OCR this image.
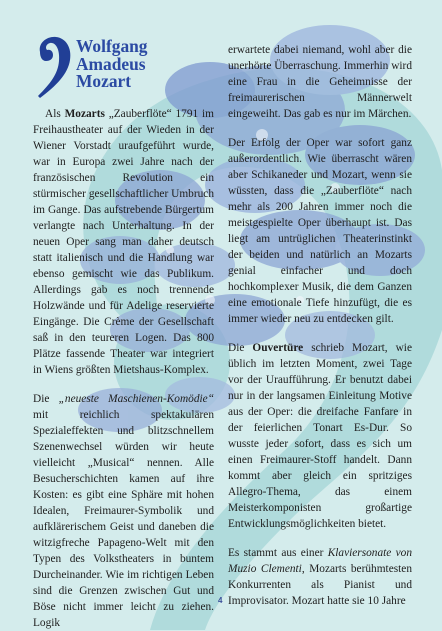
Wolfgang
Amadeus
Mozart

Als Mozarts „Zauberflöte“ 1791 im Freihaustheater auf der Wieden in der Wiener Vorstadt uraufgeführt wurde, war in Europa zwei Jahre nach der französischen Revolution ein stürmischer gesellschaftlicher Umbruch im Gange. Das aufstrebende Bürgertum verlangte nach Unterhaltung. In der neuen Oper sang man daher deutsch statt italienisch und die Handlung war ebenso gemischt wie das Publikum. Allerdings gab es noch trennende Holzwände und für Adelige reservierte Eingänge. Die Crème der Gesellschaft saß in den teureren Logen. Das 800 Plätze fassende Theater war integriert in Wiens größten Mietshaus-Komplex.

Die „neueste Maschienen-Komödie“ mit reichlich spektakulären Spezialeffekten und blitzschnellem Szenenwechsel würden wir heute vielleicht „Musical“ nennen. Alle Besucherschichten kamen auf ihre Kosten: es gibt eine Sphäre mit hohen Idealen, Freimaurer-Symbolik und aufklärerischem Geist und daneben die witzigfreche Papageno-Welt mit den Typen des Volkstheaters in buntem Durcheinander. Wie im richtigen Leben sind die Grenzen zwischen Gut und Böse nicht immer leicht zu ziehen. Logik

erwartete dabei niemand, wohl aber die unerhörte Überraschung. Immerhin wird eine Frau in die Geheimnisse der freimaurerischen Männerwelt eingeweiht. Das gab es nur im Märchen.

Der Erfolg der Oper war sofort ganz außerordentlich. Wie überrascht wären aber Schikaneder und Mozart, wenn sie wüssten, dass die „Zauberflöte“ nach mehr als 200 Jahren immer noch die meistgespielte Oper überhaupt ist. Das liegt am untrüglichen Theaterinstinkt der beiden und natürlich an Mozarts genial einfacher und doch hochkomplexer Musik, die dem Ganzen eine emotionale Tiefe hinzufügt, die es immer wieder neu zu entdecken gilt.

Die Ouvertüre schrieb Mozart, wie üblich im letzten Moment, zwei Tage vor der Uraufführung. Er benutzt dabei nur in der langsamen Einleitung Motive aus der Oper: die dreifache Fanfare in der feierlichen Tonart Es-Dur. So wusste jeder sofort, dass es sich um einen Freimaurer-Stoff handelt. Dann kommt aber gleich ein spritziges Allegro-Thema, das einem Meisterkomponisten großartige Entwicklungsmöglichkeiten bietet.

Es stammt aus einer Klaviersonate von Muzio Clementi, Mozarts berühmtesten Konkurrenten als Pianist und Improvisator. Mozart hatte sie 10 Jahre

4
